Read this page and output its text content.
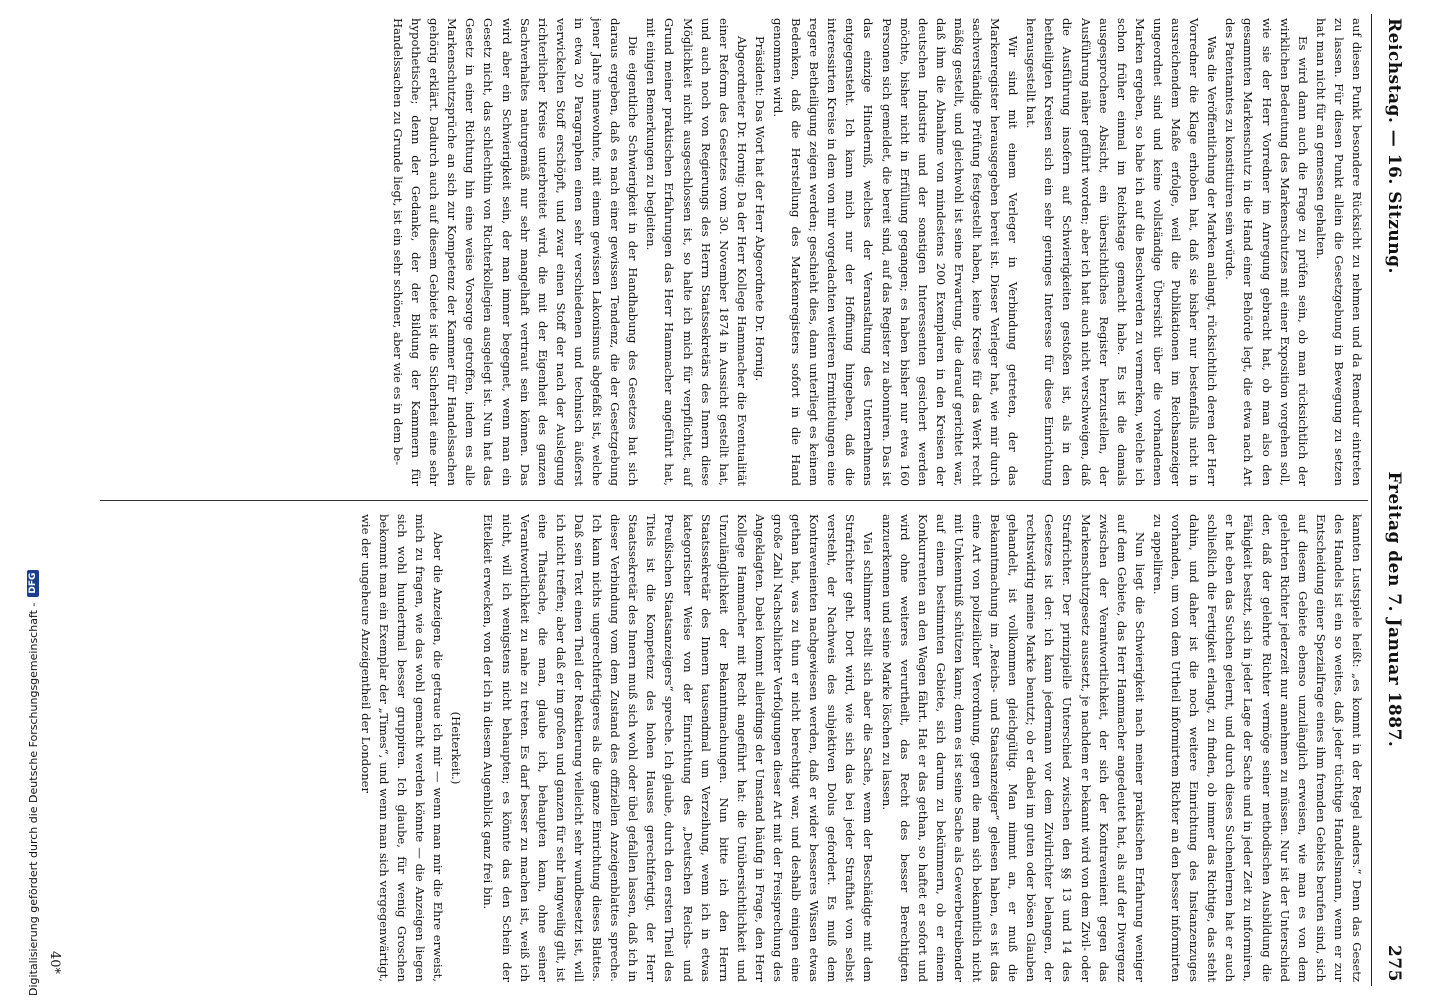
Reichstag. — 16. Sitzung.
Freitag den 7. Januar 1887.
275

auf diesen Punkt besondere Rücksicht zu nehmen und da Remedur eintreten zu lassen. Für diesen Punkt allein die Gesetzgebung in Bewegung zu setzen hat man nicht für an gemessen gehalten.

Es wird dann auch die Frage zu prüfen sein, ob man rücksichtlich der wirklichen Bedeutung des Markenschutzes mit einer Exposition vorgehen soll, wie sie der Herr Vorredner im Anregung gebracht hat, ob man also den gesammten Markenschutz in die Hand einer Behörde legt, die etwa nach Art des Patentamtes zu konstituiren sein würde.

Was die Veröffentlichung der Marken anlangt, rücksichtlich deren der Herr Vorredner die Klage erhoben hat, daß sie bisher nur bestenfalls nicht in ausreichendem Maße erfolge, weil die Publikationen im Reichsanzeiger ungeordnet sind und keine vollständige Übersicht über die vorhandenen Marken ergeben, so habe ich auf die Beschwerden zu vermerken, welche ich schon früher einmal im Reichstage gemacht habe. Es ist die damals ausgesprochene Absicht, ein übersichtliches Register herzustellen, der Ausführung näher geführt worden; aber ich hatt auch nicht verschweigen, daß die Ausführung insofern auf Schwierigkeiten gestoßen ist, als in den betheiligten Kreisen sich ein sehr geringes Interesse für diese Einrichtung herausgestellt hat.

Wir sind mit einem Verleger in Verbindung getreten, der das Markenregister herausgegeben bereit ist. Dieser Verleger hat, wie mir durch sachverständige Prüfung festgestellt haben, keine Kreise für das Werk recht mäßig gestellt, und gleichwohl ist seine Erwartung, die darauf gerichtet war, daß ihm die Abnahme von mindestens 200 Exemplaren in den Kreisen der deutschen Industrie und der sonstigen Interessenten gesichert werden möchte, bisher nicht in Erfüllung gegangen; es haben bisher nur etwa 160 Personen sich gemeldet, die bereit sind, auf das Register zu abonniren. Das ist das einzige Hinderniß, welches der Veranstaltung des Unternehmens entgegensteht. Ich kann mich nur der Hoffnung hingeben, daß die interessirten Kreise in dem von mir vorgedachten weiteren Ermittelungen eine regere Betheiligung zeigen werden; geschieht dies, dann unterliegt es keinem Bedenken, daß die Herstellung des Markenregisters sofort in die Hand genommen wird.

Präsident: Das Wort hat der Herr Abgeordnete Dr. Hornig.

Abgeordneter Dr. Hornig: Da der Herr Kollege Hammacher die Eventualität einer Reform des Gesetzes vom 30. November 1874 in Aussicht gestellt hat, und auch noch von Regierungs des Herrn Staatssekretärs des Innern diese Möglichkeit nicht ausgeschlossen ist, so halte ich mich für verpflichtet, auf Grund meiner praktischen Erfahrungen das Herr Hammacher angeführt hat, mit einigen Bemerkungen zu begleiten.

Die eigentliche Schwierigkeit in der Handhabung des Gesetzes hat sich daraus ergeben, daß es nach einer gewissen Tendenz, die der Gesetzgebung jener Jahre innewohnte, mit einem gewissen Lakonismus abgefaßt ist, welche in etwa 20 Paragraphen einen sehr verschiedenen und technisch äußerst verwickelten Stoff erschöpft, und zwar einen Stoff der nach der Auslegung richterlicher Kreise unterbreitet wird, die mit der Eigenheit des ganzen Sachverhaltes naturgemäß nur sehr mangelhaft vertraut sein können. Das wird aber ein Schwierigkeit sein, der man immer begegnet, wenn man ein Gesetz nicht, das schlechthin von Richterkollegien ausgelegt ist. Nun hat das Gesetz in einer Richtung hin eine weise Vorsorge getroffen, indem es alle Markenschutzsprüche an sich zur Kompetenz der Kammer für Handelssachen gehörig erklärt. Dadurch auch auf diesem Gebiete ist die Sicherheit eine sehr hypothetische; denn der Gedanke, der der Bildung der Kammern für Handelssachen zu Grunde liegt, ist ein sehr schöner, aber wie es in dem be-

kannten Lustspiele heißt: „es kommt in der Regel anders.“ Denn das Gesetz des Handels ist ein so weites, daß jeder tüchtige Handelsmann, wenn er zur Entscheidung einer Spezialfrage eines ihm fremden Gebiets berufen sind, sich auf diesem Gebiete ebenso unzulänglich erweisen, wie man es von dem gelehrten Richter jederzeit nur annehmen zu müssen. Nur ist der Unterschied der, daß der gelehrte Richter vermöge seiner methodischen Ausbildung die Fähigkeit besitzt, sich in jeder Lage der Sache und in jeder Zeit zu informiren, er hat eben das Suchen gelernt, und durch dieses Suchenlernen hat er auch schließlich die Fertigkeit erlangt, zu finden, ob immer das Richtige, das steht dahin, und daher ist die noch weitere Einrichtung des Instanzenzuges vorhanden, um von dem Urtheil informirtem Richter an den besser informirten zu appelliren.

Nun liegt die Schwierigkeit nach meiner praktischen Erfahrung weniger auf dem Gebiete, das Herr Hammacher angedeutet hat, als auf der Divergenz zwischen der Verantwortlichkeit, der sich der Kontravenient gegen das Markenschutzgesetz aussetzt, je nachdem er bekannt wird von dem Zivil- oder Strafrichter. Der prinzipielle Unterschied zwischen den §§ 13 und 14 des Gesetzes ist der: ich kann jedermann vor dem Zivilrichter belangen, der rechtswidrig meine Marke benutzt; ob er dabei im guten oder bösen Glauben gehandelt, ist vollkommen gleichgültig. Man nimmt an, er muß die Bekanntmachung im „Reichs- und Staatsanzeiger“ gelesen haben, es ist das eine Art von polizeilicher Verordnung, gegen die man sich bekanntlich nicht mit Unkenntniß schützen kann; denn es ist seine Sache als Gewerbetreibender auf einem bestimmten Gebiete, sich darum zu bekümmern, ob er einem Konkurrenten an den Wagen fährt. Hat er das gethan, so haftet er sofort und wird ohne weiteres verurtheilt, das Recht des besser Berechtigten anzuerkennen und seine Marke löschen zu lassen.

Viel schlimmer stellt sich aber die Sache, wenn der Beschädigte mit dem Strafrichter geht. Dort wird, wie sich das bei jeder Strafthat von selbst versteht, der Nachweis des subjektiven Dolus gefordert. Es muß dem Kontravenienten nachgewiesen werden, daß er wider besseres Wissen etwas gethan hat, was zu thun er nicht berechtigt war, und deshalb einigen eine große Zahl Nachschlichter Verfolgungen dieser Art mit der Freisprechung des Angeklagten. Dabei kommt allerdings der Umstand häufig in Frage, den Herr Kollege Hammacher mit Recht angeführt hat: die Unübersichtlichkeit und Unzulänglichkeit der Bekanntmachungen. Nun bitte ich den Herrn Staatssekretär des Innern tausendmal um Verzeihung, wenn ich in etwas kategorischer Weise von der Einrichtung des „Deutschen Reichs- und Preußischen Staatsanzeigers“ spreche. Ich glaube, durch den ersten Theil des Titels ist die Kompetenz des hohen Hauses gerechtfertigt, der Herr Staatssekretär des Innern muß sich wohl oder übel gefallen lassen, daß ich in dieser Verbindung vom dem Zustand des offiziellen Anzeigenblattes spreche. Ich kann nichts ungerechtfertigeres als die ganze Einrichtung dieses Blattes. Daß sein Text einen Theil der Reaktierung vielleicht sehr wundbesetzt ist, will ich nicht treffen; aber daß er im großen und ganzen für sehr langweilig gilt, ist eine Thatsache, die man, glaube ich, behaupten kann, ohne seiner Verantwortlichkeit zu nahe zu treten. Es darf besser zu machen ist, weiß ich nicht, will ich wenigstens nicht behaupten; es könnte das den Schein der Eitelkeit erwecken, von der ich in diesem Augenblick ganz frei bin.

(Heiterkeit.)

Aber die Anzeigen, die getraue ich mir — wenn man mir die Ehre erweist, mich zu fragen, wie das wohl gemacht werden könnte — die Anzeigen liegen sich wohl hundertmal besser gruppiren. Ich glaube, für wenig Groschen bekommt man ein Exemplar der „Times“, und wenn man sich vergegenwärtigt, wie der ungeheure Anzeigentheil der Londoner

40*
Digitalisierung gefördert durch die Deutsche Forschungsgemeinschaft -
DFG
